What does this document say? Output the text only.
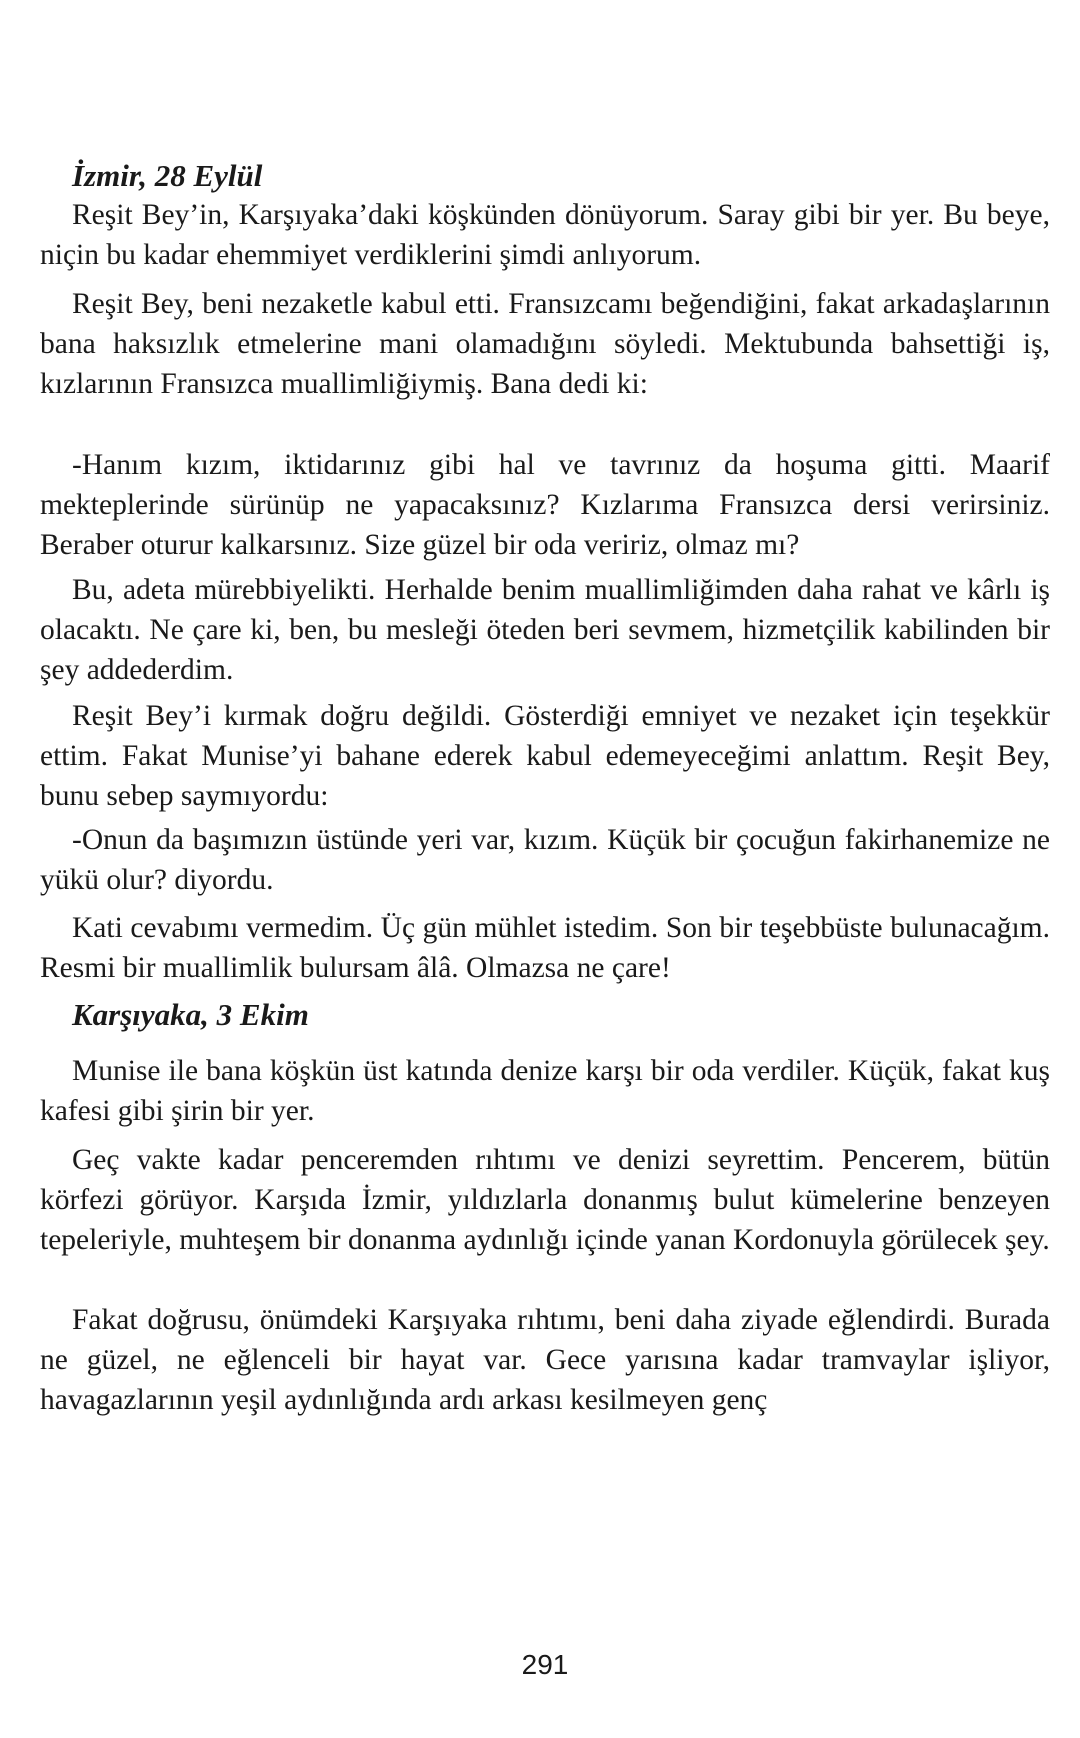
İzmir, 28 Eylül

Reşit Bey’in, Karşıyaka’daki köşkünden dönüyorum. Saray gibi bir yer. Bu beye, niçin bu kadar ehemmiyet verdiklerini şimdi anlıyorum.

Reşit Bey, beni nezaketle kabul etti. Fransızcamı beğendiğini, fakat arkadaşlarının bana haksızlık etmelerine mani olamadığını söyledi. Mektubunda bahsettiği iş, kızlarının Fransızca muallimliğiymiş. Bana dedi ki:

-Hanım kızım, iktidarınız gibi hal ve tavrınız da hoşuma gitti. Maarif mekteplerinde sürünüp ne yapacaksınız? Kızlarıma Fransızca dersi verirsiniz. Beraber oturur kalkarsınız. Size güzel bir oda veririz, olmaz mı?

Bu, adeta mürebbiyelikti. Herhalde benim muallimliğimden daha rahat ve kârlı iş olacaktı. Ne çare ki, ben, bu mesleği öteden beri sevmem, hizmetçilik kabilinden bir şey addederdim.

Reşit Bey’i kırmak doğru değildi. Gösterdiği emniyet ve nezaket için teşekkür ettim. Fakat Munise’yi bahane ederek kabul edemeyeceğimi anlattım. Reşit Bey, bunu sebep saymıyordu:

-Onun da başımızın üstünde yeri var, kızım. Küçük bir çocuğun fakirhanemize ne yükü olur? diyordu.

Kati cevabımı vermedim. Üç gün mühlet istedim. Son bir teşebbüste bulunacağım. Resmi bir muallimlik bulursam âlâ. Olmazsa ne çare!

Karşıyaka, 3 Ekim

Munise ile bana köşkün üst katında denize karşı bir oda verdiler. Küçük, fakat kuş kafesi gibi şirin bir yer.

Geç vakte kadar penceremden rıhtımı ve denizi seyrettim. Pencerem, bütün körfezi görüyor. Karşıda İzmir, yıldızlarla donanmış bulut kümelerine benzeyen tepeleriyle, muhteşem bir donanma aydınlığı içinde yanan Kordonuyla görülecek şey.

Fakat doğrusu, önümdeki Karşıyaka rıhtımı, beni daha ziyade eğlendirdi. Burada ne güzel, ne eğlenceli bir hayat var. Gece yarısına kadar tramvaylar işliyor, havagazlarının yeşil aydınlığında ardı arkası kesilmeyen genç

291
